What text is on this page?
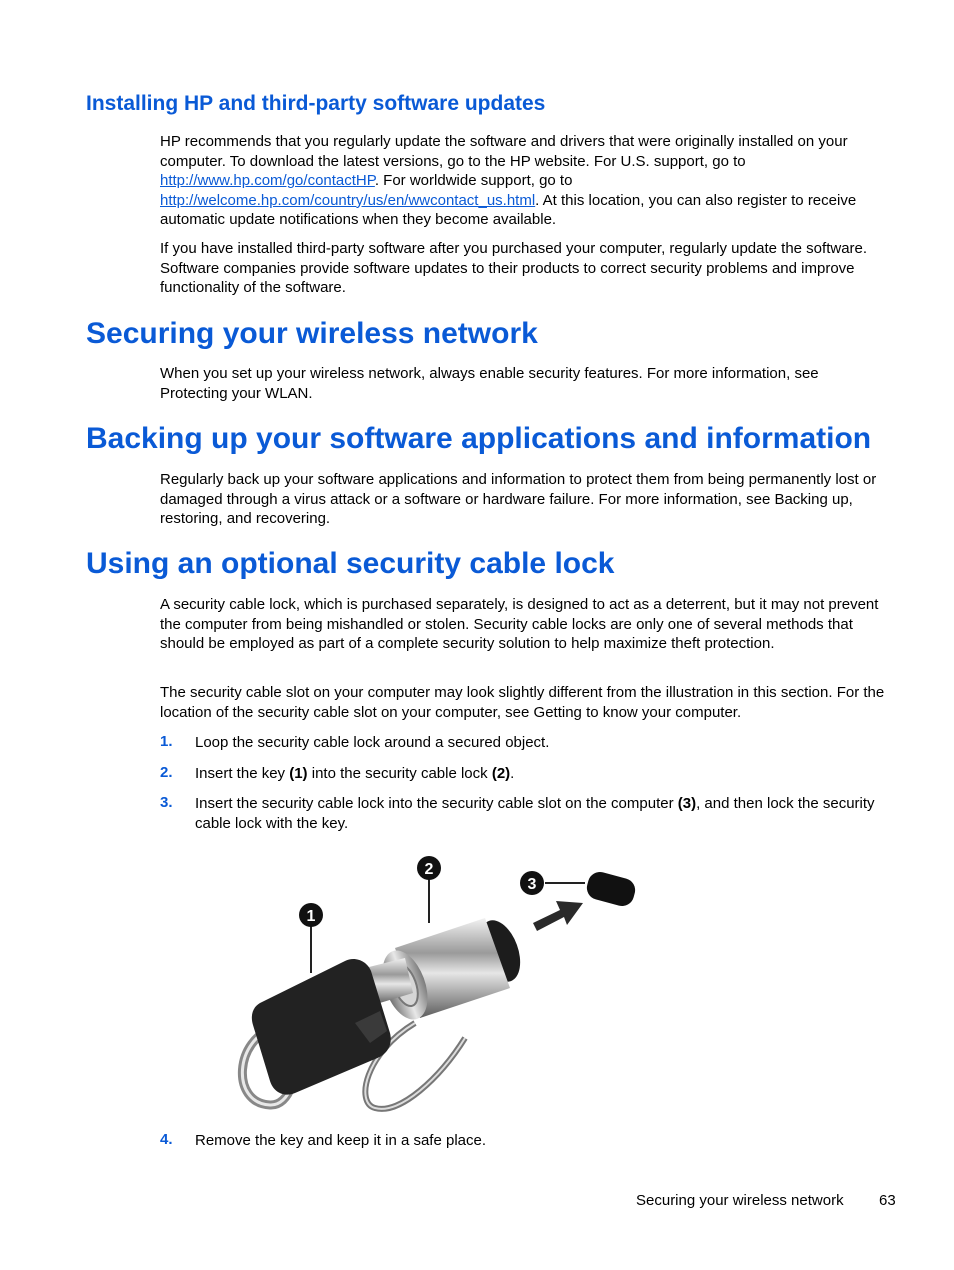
Installing HP and third-party software updates
HP recommends that you regularly update the software and drivers that were originally installed on your computer. To download the latest versions, go to the HP website. For U.S. support, go to http://www.hp.com/go/contactHP. For worldwide support, go to http://welcome.hp.com/country/us/en/wwcontact_us.html. At this location, you can also register to receive automatic update notifications when they become available.
If you have installed third-party software after you purchased your computer, regularly update the software. Software companies provide software updates to their products to correct security problems and improve functionality of the software.
Securing your wireless network
When you set up your wireless network, always enable security features. For more information, see Protecting your WLAN.
Backing up your software applications and information
Regularly back up your software applications and information to protect them from being permanently lost or damaged through a virus attack or a software or hardware failure. For more information, see Backing up, restoring, and recovering.
Using an optional security cable lock
A security cable lock, which is purchased separately, is designed to act as a deterrent, but it may not prevent the computer from being mishandled or stolen. Security cable locks are only one of several methods that should be employed as part of a complete security solution to help maximize theft protection.
The security cable slot on your computer may look slightly different from the illustration in this section. For the location of the security cable slot on your computer, see Getting to know your computer.
1. Loop the security cable lock around a secured object.
2. Insert the key (1) into the security cable lock (2).
3. Insert the security cable lock into the security cable slot on the computer (3), and then lock the security cable lock with the key.
1
2
3
4. Remove the key and keep it in a safe place.
Securing your wireless network 63
